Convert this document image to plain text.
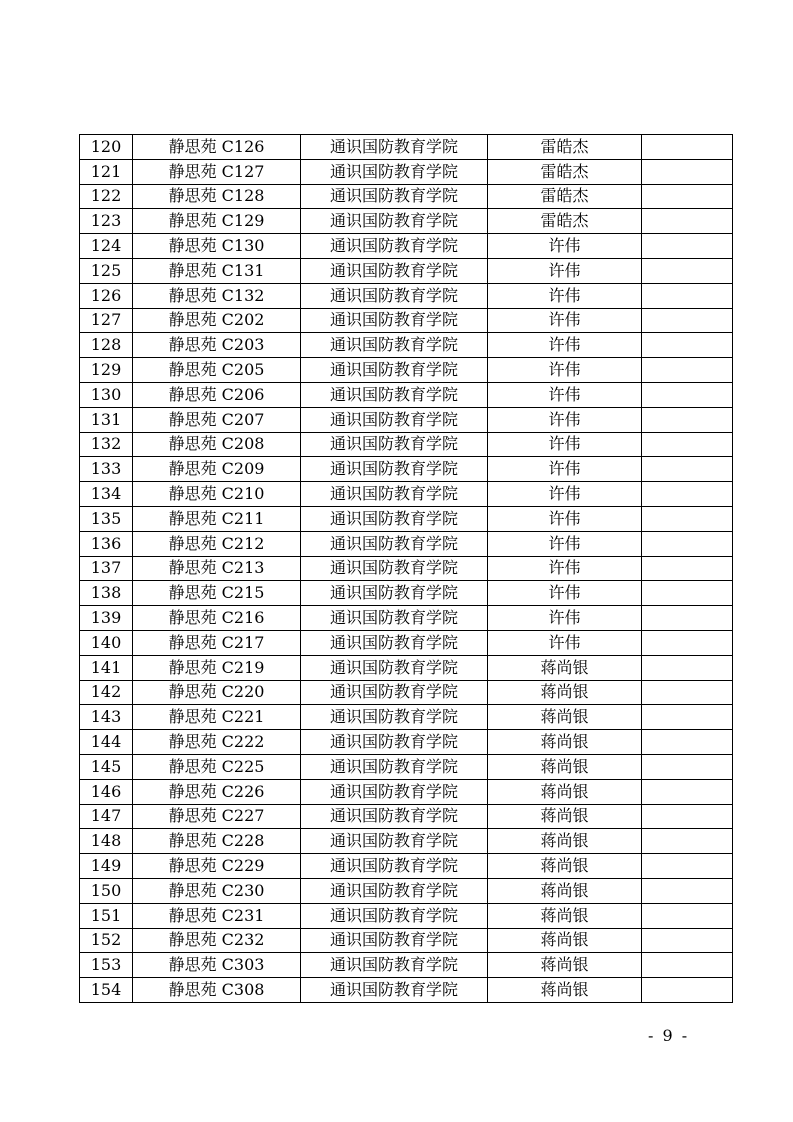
120	静思苑 C126	通识国防教育学院	雷皓杰	
121	静思苑 C127	通识国防教育学院	雷皓杰	
122	静思苑 C128	通识国防教育学院	雷皓杰	
123	静思苑 C129	通识国防教育学院	雷皓杰	
124	静思苑 C130	通识国防教育学院	许伟	
125	静思苑 C131	通识国防教育学院	许伟	
126	静思苑 C132	通识国防教育学院	许伟	
127	静思苑 C202	通识国防教育学院	许伟	
128	静思苑 C203	通识国防教育学院	许伟	
129	静思苑 C205	通识国防教育学院	许伟	
130	静思苑 C206	通识国防教育学院	许伟	
131	静思苑 C207	通识国防教育学院	许伟	
132	静思苑 C208	通识国防教育学院	许伟	
133	静思苑 C209	通识国防教育学院	许伟	
134	静思苑 C210	通识国防教育学院	许伟	
135	静思苑 C211	通识国防教育学院	许伟	
136	静思苑 C212	通识国防教育学院	许伟	
137	静思苑 C213	通识国防教育学院	许伟	
138	静思苑 C215	通识国防教育学院	许伟	
139	静思苑 C216	通识国防教育学院	许伟	
140	静思苑 C217	通识国防教育学院	许伟	
141	静思苑 C219	通识国防教育学院	蒋尚银	
142	静思苑 C220	通识国防教育学院	蒋尚银	
143	静思苑 C221	通识国防教育学院	蒋尚银	
144	静思苑 C222	通识国防教育学院	蒋尚银	
145	静思苑 C225	通识国防教育学院	蒋尚银	
146	静思苑 C226	通识国防教育学院	蒋尚银	
147	静思苑 C227	通识国防教育学院	蒋尚银	
148	静思苑 C228	通识国防教育学院	蒋尚银	
149	静思苑 C229	通识国防教育学院	蒋尚银	
150	静思苑 C230	通识国防教育学院	蒋尚银	
151	静思苑 C231	通识国防教育学院	蒋尚银	
152	静思苑 C232	通识国防教育学院	蒋尚银	
153	静思苑 C303	通识国防教育学院	蒋尚银	
154	静思苑 C308	通识国防教育学院	蒋尚银	
- 9 -
